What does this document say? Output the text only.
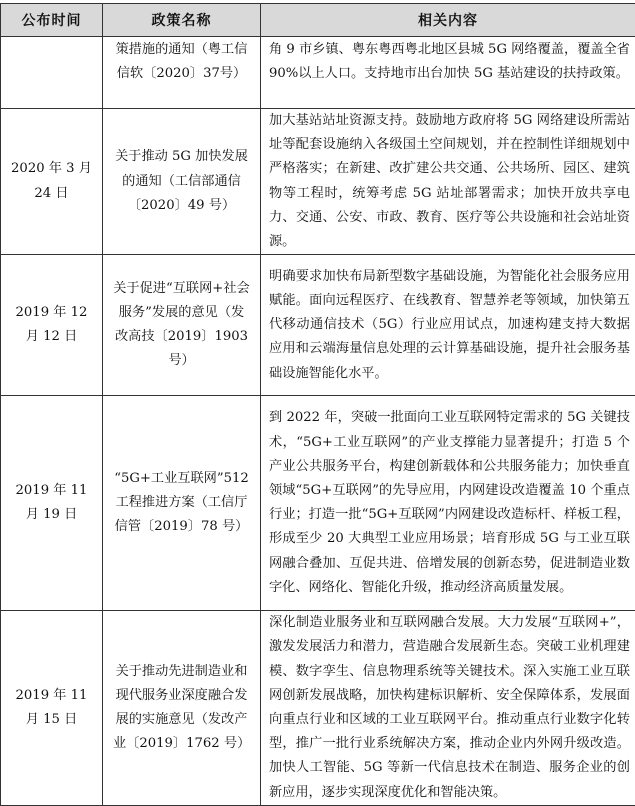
公布时间	政策名称	相关内容
	策措施的通知（粤工信信软〔2020〕37号）	角 9 市乡镇、粤东粤西粤北地区县城 5G 网络覆盖，覆盖全省 90%以上人口。支持地市出台加快 5G 基站建设的扶持政策。
2020 年 3 月 24 日	关于推动 5G 加快发展的通知（工信部通信〔2020〕49 号）	加大基站站址资源支持。鼓励地方政府将 5G 网络建设所需站址等配套设施纳入各级国土空间规划，并在控制性详细规划中严格落实；在新建、改扩建公共交通、公共场所、园区、建筑物等工程时，统筹考虑 5G 站址部署需求；加快开放共享电力、交通、公安、市政、教育、医疗等公共设施和社会站址资源。
2019 年 12 月 12 日	关于促进“互联网+社会服务”发展的意见（发改高技〔2019〕1903 号）	明确要求加快布局新型数字基础设施，为智能化社会服务应用赋能。面向远程医疗、在线教育、智慧养老等领域，加快第五代移动通信技术（5G）行业应用试点，加速构建支持大数据应用和云端海量信息处理的云计算基础设施，提升社会服务基础设施智能化水平。
2019 年 11 月 19 日	“5G+工业互联网”512 工程推进方案（工信厅信管〔2019〕78 号）	到 2022 年，突破一批面向工业互联网特定需求的 5G 关键技术，“5G+工业互联网”的产业支撑能力显著提升；打造 5 个产业公共服务平台，构建创新载体和公共服务能力；加快垂直领域“5G+互联网”的先导应用，内网建设改造覆盖 10 个重点行业；打造一批“5G+互联网”内网建设改造标杆、样板工程，形成至少 20 大典型工业应用场景；培育形成 5G 与工业互联网融合叠加、互促共进、倍增发展的创新态势，促进制造业数字化、网络化、智能化升级，推动经济高质量发展。
2019 年 11 月 15 日	关于推动先进制造业和现代服务业深度融合发展的实施意见（发改产业〔2019〕1762 号）	深化制造业服务业和互联网融合发展。大力发展“互联网+”，激发发展活力和潜力，营造融合发展新生态。突破工业机理建模、数字孪生、信息物理系统等关键技术。深入实施工业互联网创新发展战略，加快构建标识解析、安全保障体系，发展面向重点行业和区域的工业互联网平台。推动重点行业数字化转型，推广一批行业系统解决方案，推动企业内外网升级改造。加快人工智能、5G 等新一代信息技术在制造、服务企业的创新应用，逐步实现深度优化和智能决策。
